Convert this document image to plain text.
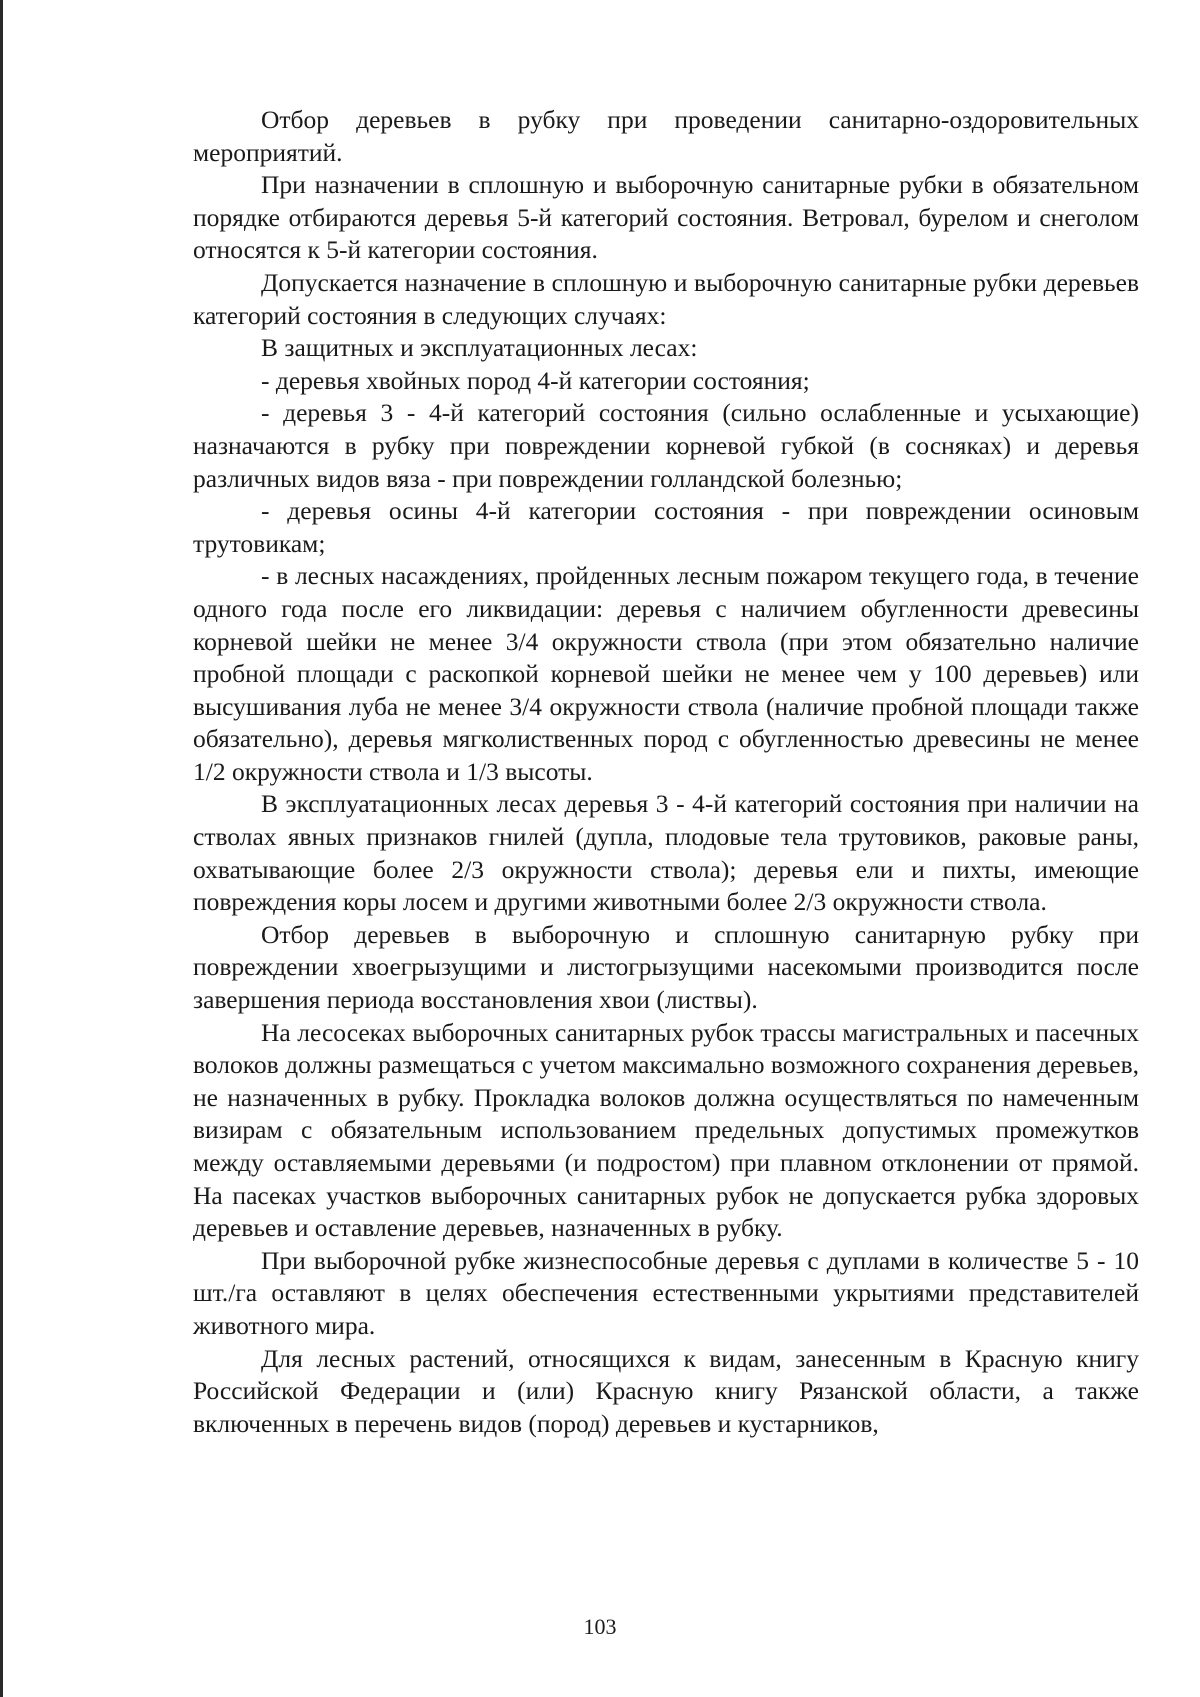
Отбор деревьев в рубку при проведении санитарно-оздоровительных мероприятий.

При назначении в сплошную и выборочную санитарные рубки в обязательном порядке отбираются деревья 5-й категорий состояния. Ветровал, бурелом и снеголом относятся к 5-й категории состояния.

Допускается назначение в сплошную и выборочную санитарные рубки деревьев категорий состояния в следующих случаях:

В защитных и эксплуатационных лесах:

- деревья хвойных пород 4-й категории состояния;

- деревья 3 - 4-й категорий состояния (сильно ослабленные и усыхающие) назначаются в рубку при повреждении корневой губкой (в сосняках) и деревья различных видов вяза - при повреждении голландской болезнью;

- деревья осины 4-й категории состояния - при повреждении осиновым трутовикам;

- в лесных насаждениях, пройденных лесным пожаром текущего года, в течение одного года после его ликвидации: деревья с наличием обугленности древесины корневой шейки не менее 3/4 окружности ствола (при этом обязательно наличие пробной площади с раскопкой корневой шейки не менее чем у 100 деревьев) или высушивания луба не менее 3/4 окружности ствола (наличие пробной площади также обязательно), деревья мягколиственных пород с обугленностью древесины не менее 1/2 окружности ствола и 1/3 высоты.

В эксплуатационных лесах деревья 3 - 4-й категорий состояния при наличии на стволах явных признаков гнилей (дупла, плодовые тела трутовиков, раковые раны, охватывающие более 2/3 окружности ствола); деревья ели и пихты, имеющие повреждения коры лосем и другими животными более 2/3 окружности ствола.

Отбор деревьев в выборочную и сплошную санитарную рубку при повреждении хвоегрызущими и листогрызущими насекомыми производится после завершения периода восстановления хвои (листвы).

На лесосеках выборочных санитарных рубок трассы магистральных и пасечных волоков должны размещаться с учетом максимально возможного сохранения деревьев, не назначенных в рубку. Прокладка волоков должна осуществляться по намеченным визирам с обязательным использованием предельных допустимых промежутков между оставляемыми деревьями (и подростом) при плавном отклонении от прямой. На пасеках участков выборочных санитарных рубок не допускается рубка здоровых деревьев и оставление деревьев, назначенных в рубку.

При выборочной рубке жизнеспособные деревья с дуплами в количестве 5 - 10 шт./га оставляют в целях обеспечения естественными укрытиями представителей животного мира.

Для лесных растений, относящихся к видам, занесенным в Красную книгу Российской Федерации и (или) Красную книгу Рязанской области, а также включенных в перечень видов (пород) деревьев и кустарников,

103
